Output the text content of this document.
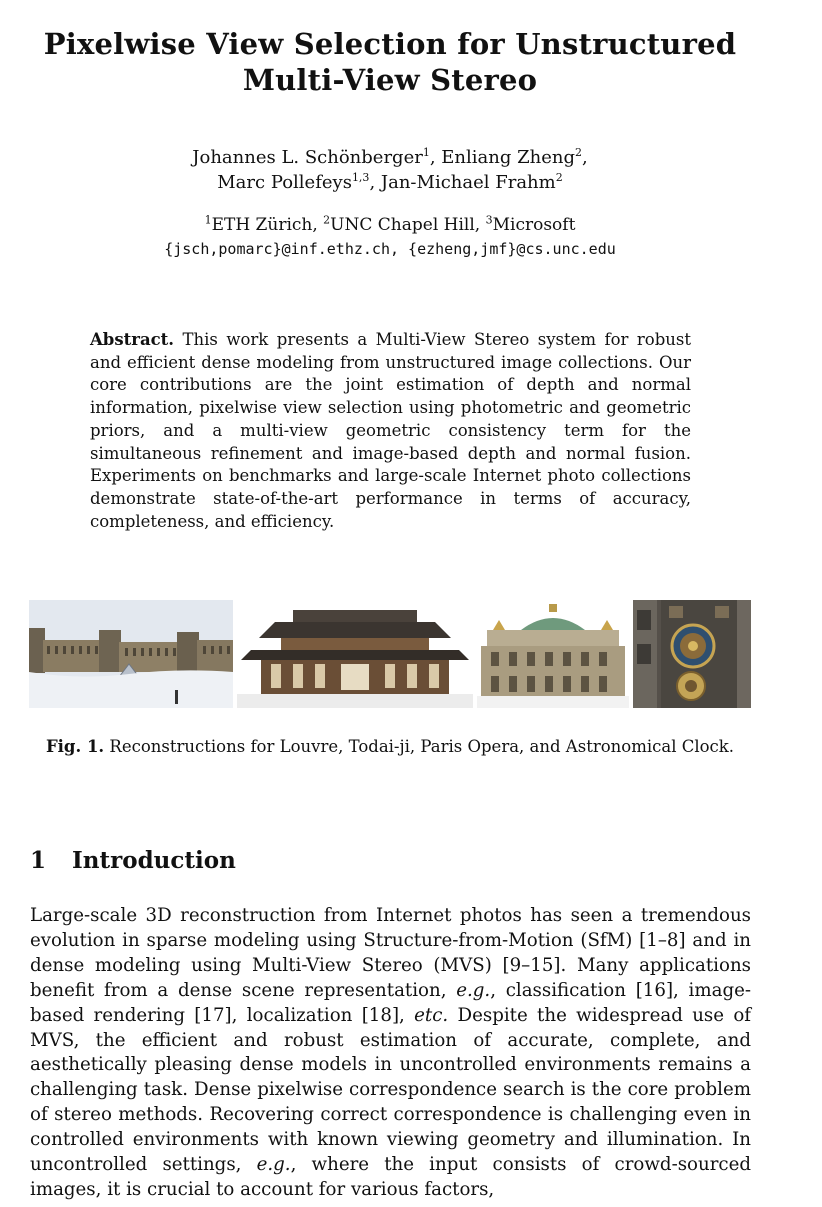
Pixelwise View Selection for Unstructured
Multi-View Stereo
Johannes L. Schönberger$^1$, Enliang Zheng$^2$,
Marc Pollefeys$^{1,3}$, Jan-Michael Frahm$^2$
$^1$ETH Zürich, $^2$UNC Chapel Hill, $^3$Microsoft
{jsch,pomarc}@inf.ethz.ch, {ezheng,jmf}@cs.unc.edu
Abstract. This work presents a Multi-View Stereo system for robust and efficient dense modeling from unstructured image collections. Our core contributions are the joint estimation of depth and normal information, pixelwise view selection using photometric and geometric priors, and a multi-view geometric consistency term for the simultaneous refinement and image-based depth and normal fusion. Experiments on benchmarks and large-scale Internet photo collections demonstrate state-of-the-art performance in terms of accuracy, completeness, and efficiency.
Fig. 1. Reconstructions for Louvre, Todai-ji, Paris Opera, and Astronomical Clock.
1 Introduction
Large-scale 3D reconstruction from Internet photos has seen a tremendous evolution in sparse modeling using Structure-from-Motion (SfM) [1–8] and in dense modeling using Multi-View Stereo (MVS) [9–15]. Many applications benefit from a dense scene representation, e.g., classification [16], image-based rendering [17], localization [18], etc. Despite the widespread use of MVS, the efficient and robust estimation of accurate, complete, and aesthetically pleasing dense models in uncontrolled environments remains a challenging task. Dense pixelwise correspondence search is the core problem of stereo methods. Recovering correct correspondence is challenging even in controlled environments with known viewing geometry and illumination. In uncontrolled settings, e.g., where the input consists of crowd-sourced images, it is crucial to account for various factors,
